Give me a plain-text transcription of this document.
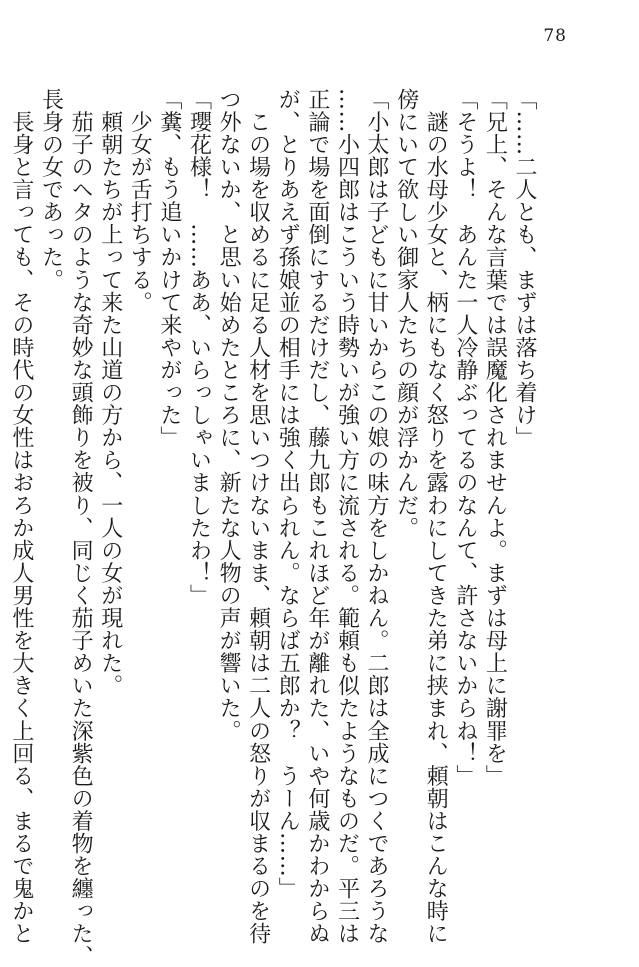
78
「……二人とも、まずは落ち着け」
「兄上、そんな言葉では誤魔化されませんよ。まずは母上に謝罪を」
「そうよ！　あんた一人冷静ぶってるのなんて、許さないからね！」
　謎の水母少女と、柄にもなく怒りを露わにしてきた弟に挟まれ、頼朝はこんな時に
傍にいて欲しい御家人たちの顔が浮かんだ。
「小太郎は子どもに甘いからこの娘の味方をしかねん。二郎は全成につくであろうな
……小四郎はこういう時勢いが強い方に流される。範頼も似たようなものだ。平三は
正論で場を面倒にするだけだし、藤九郎もこれほど年が離れた、いや何歳かわからぬ
が、とりあえず孫娘並の相手には強く出られん。ならば五郎か？　うーん……」
　この場を収めるに足る人材を思いつけないまま、頼朝は二人の怒りが収まるのを待
つ外ないか、と思い始めたところに、新たな人物の声が響いた。
「瓔花様！　……ああ、いらっしゃいましたわ！」
「糞、もう追いかけて来やがった」
　少女が舌打ちする。
　頼朝たちが上って来た山道の方から、一人の女が現れた。
　茄子のヘタのような奇妙な頭飾りを被り、同じく茄子めいた深紫色の着物を纏った、
長身の女であった。
　長身と言っても、その時代の女性はおろか成人男性を大きく上回る、まるで鬼かと
